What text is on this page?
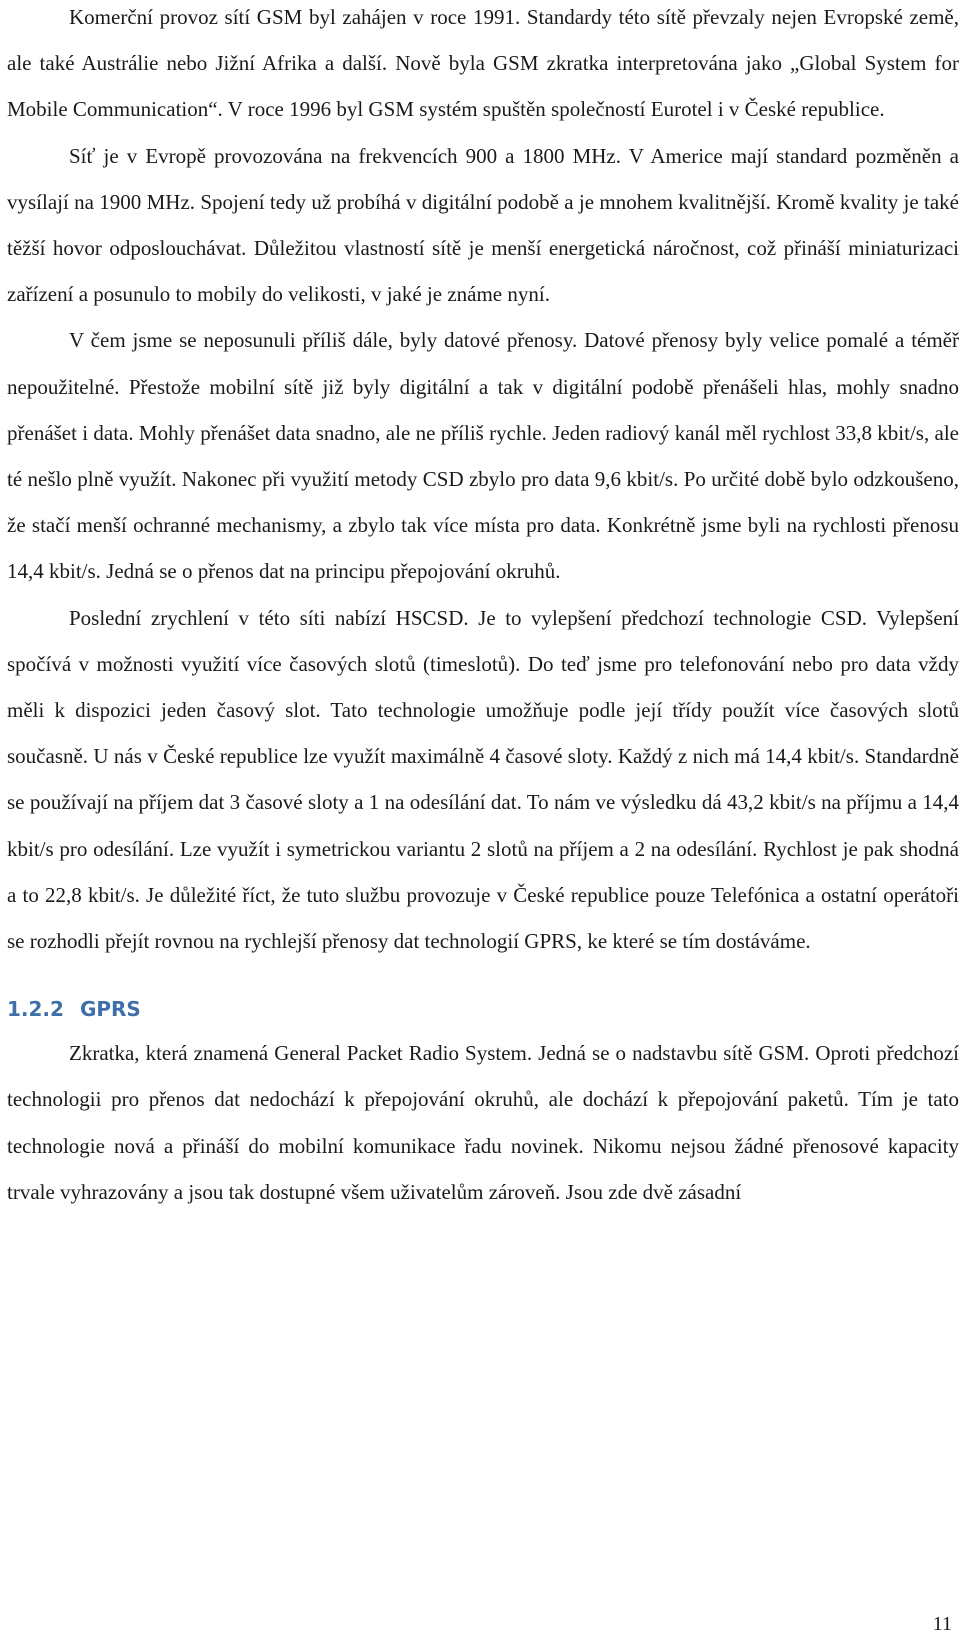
Komerční provoz sítí GSM byl zahájen v roce 1991. Standardy této sítě převzaly nejen Evropské země, ale také Austrálie nebo Jižní Afrika a další. Nově byla GSM zkratka interpretována jako „Global System for Mobile Communication“. V roce 1996 byl GSM systém spuštěn společností Eurotel i v České republice.

Síť je v Evropě provozována na frekvencích 900 a 1800 MHz. V Americe mají standard pozměněn a vysílají na 1900 MHz. Spojení tedy už probíhá v digitální podobě a je mnohem kvalitnější. Kromě kvality je také těžší hovor odposlouchávat. Důležitou vlastností sítě je menší energetická náročnost, což přináší miniaturizaci zařízení a posunulo to mobily do velikosti, v jaké je známe nyní.

V čem jsme se neposunuli příliš dále, byly datové přenosy. Datové přenosy byly velice pomalé a téměř nepoužitelné. Přestože mobilní sítě již byly digitální a tak v digitální podobě přenášeli hlas, mohly snadno přenášet i data. Mohly přenášet data snadno, ale ne příliš rychle. Jeden radiový kanál měl rychlost 33,8 kbit/s, ale té nešlo plně využít. Nakonec při využití metody CSD zbylo pro data 9,6 kbit/s. Po určité době bylo odzkoušeno, že stačí menší ochranné mechanismy, a zbylo tak více místa pro data. Konkrétně jsme byli na rychlosti přenosu 14,4 kbit/s. Jedná se o přenos dat na principu přepojování okruhů.

Poslední zrychlení v této síti nabízí HSCSD. Je to vylepšení předchozí technologie CSD. Vylepšení spočívá v možnosti využití více časových slotů (timeslotů). Do teď jsme pro telefonování nebo pro data vždy měli k dispozici jeden časový slot. Tato technologie umožňuje podle její třídy použít více časových slotů současně. U nás v České republice lze využít maximálně 4 časové sloty. Každý z nich má 14,4 kbit/s. Standardně se používají na příjem dat 3 časové sloty a 1 na odesílání dat. To nám ve výsledku dá 43,2 kbit/s na příjmu a 14,4 kbit/s pro odesílání. Lze využít i symetrickou variantu 2 slotů na příjem a 2 na odesílání. Rychlost je pak shodná a to 22,8 kbit/s. Je důležité říct, že tuto službu provozuje v České republice pouze Telefónica a ostatní operátoři se rozhodli přejít rovnou na rychlejší přenosy dat technologií GPRS, ke které se tím dostáváme.

1.2.2 GPRS

Zkratka, která znamená General Packet Radio System. Jedná se o nadstavbu sítě GSM. Oproti předchozí technologii pro přenos dat nedochází k přepojování okruhů, ale dochází k přepojování paketů. Tím je tato technologie nová a přináší do mobilní komunikace řadu novinek. Nikomu nejsou žádné přenosové kapacity trvale vyhrazovány a jsou tak dostupné všem uživatelům zároveň. Jsou zde dvě zásadní

11
